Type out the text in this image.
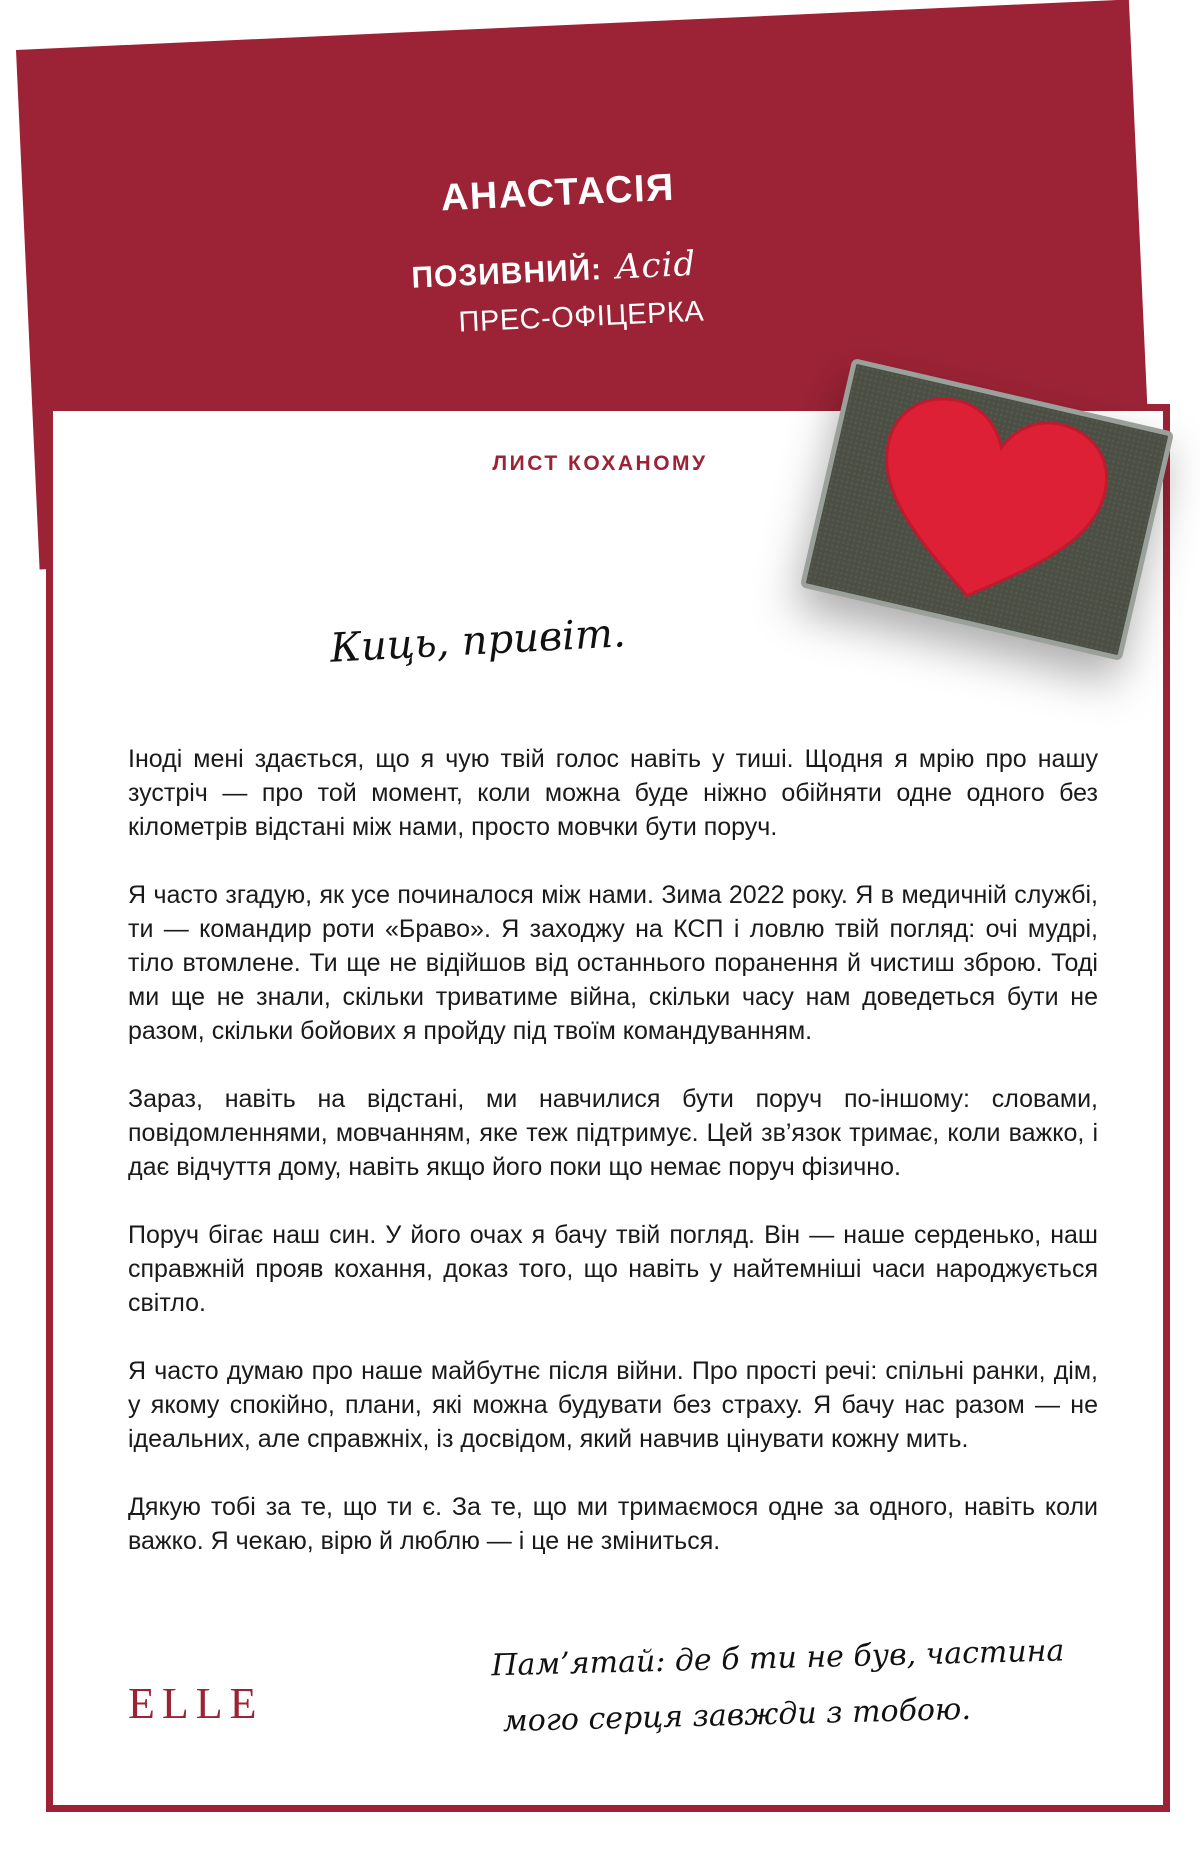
АНАСТАСІЯ
ПОЗИВНИЙ: Acid
ПРЕС-ОФІЦЕРКА
ЛИСТ КОХАНОМУ
Киць, привіт.

Іноді мені здається, що я чую твій голос навіть у тиші. Щодня я мрію про нашу зустріч — про той момент, коли можна буде ніжно обійняти одне одного без кілометрів відстані між нами, просто мовчки бути поруч.

Я часто згадую, як усе починалося між нами. Зима 2022 року. Я в медичній службі, ти — командир роти «Браво». Я заходжу на КСП і ловлю твій погляд: очі мудрі, тіло втомлене. Ти ще не відійшов від останнього поранення й чистиш зброю. Тоді ми ще не знали, скільки триватиме війна, скільки часу нам доведеться бути не разом, скільки бойових я пройду під твоїм командуванням.

Зараз, навіть на відстані, ми навчилися бути поруч по-іншому: словами, повідомленнями, мовчанням, яке теж підтримує. Цей зв’язок тримає, коли важко, і дає відчуття дому, навіть якщо його поки що немає поруч фізично.

Поруч бігає наш син. У його очах я бачу твій погляд. Він — наше серденько, наш справжній прояв кохання, доказ того, що навіть у найтемніші часи народжується світло.

Я часто думаю про наше майбутнє після війни. Про прості речі: спільні ранки, дім, у якому спокійно, плани, які можна будувати без страху. Я бачу нас разом — не ідеальних, але справжніх, із досвідом, який навчив цінувати кожну мить.

Дякую тобі за те, що ти є. За те, що ми тримаємося одне за одного, навіть коли важко. Я чекаю, вірю й люблю — і це не зміниться.

ELLE
Пам’ятай: де б ти не був, частина
мого серця завжди з тобою.
